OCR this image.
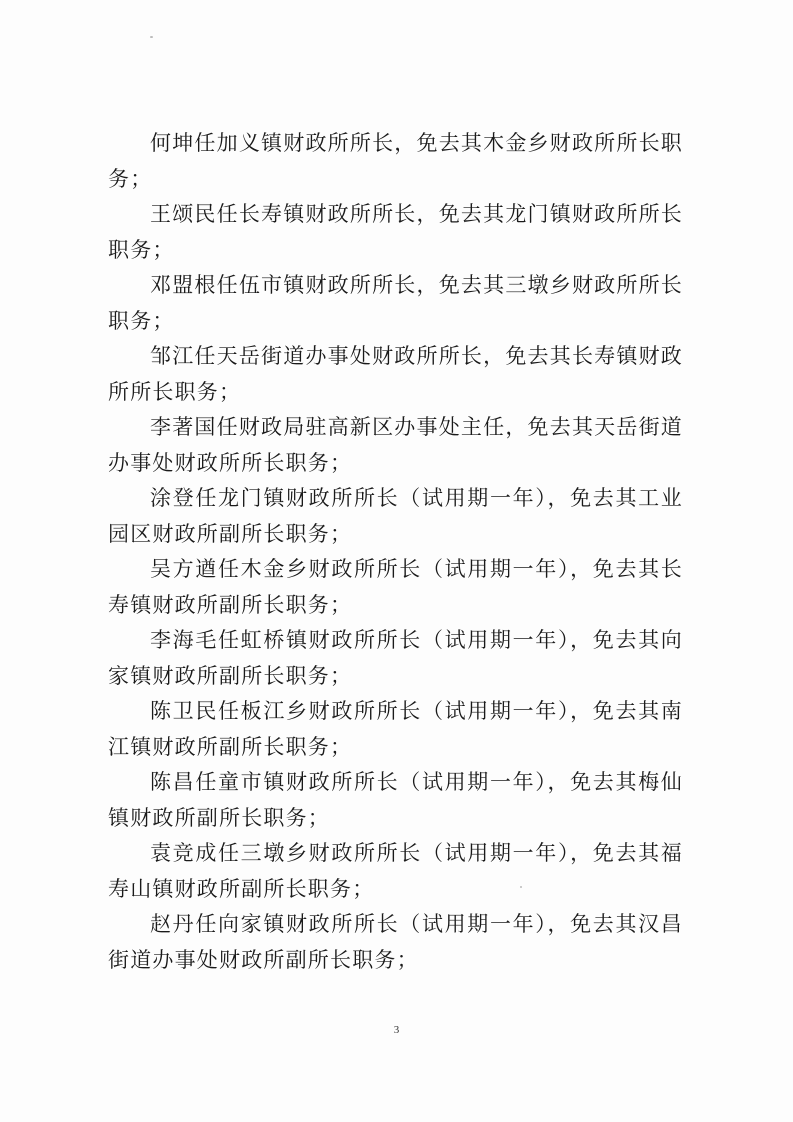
何坤任加义镇财政所所长，免去其木金乡财政所所长职务；

王颂民任长寿镇财政所所长，免去其龙门镇财政所所长职务；

邓盟根任伍市镇财政所所长，免去其三墩乡财政所所长职务；

邹江任天岳街道办事处财政所所长，免去其长寿镇财政所所长职务；

李著国任财政局驻高新区办事处主任，免去其天岳街道办事处财政所所长职务；

涂登任龙门镇财政所所长（试用期一年），免去其工业园区财政所副所长职务；

吴方遒任木金乡财政所所长（试用期一年），免去其长寿镇财政所副所长职务；

李海毛任虹桥镇财政所所长（试用期一年），免去其向家镇财政所副所长职务；

陈卫民任板江乡财政所所长（试用期一年），免去其南江镇财政所副所长职务；

陈昌任童市镇财政所所长（试用期一年），免去其梅仙镇财政所副所长职务；

袁竞成任三墩乡财政所所长（试用期一年），免去其福寿山镇财政所副所长职务；

赵丹任向家镇财政所所长（试用期一年），免去其汉昌街道办事处财政所副所长职务；

3
